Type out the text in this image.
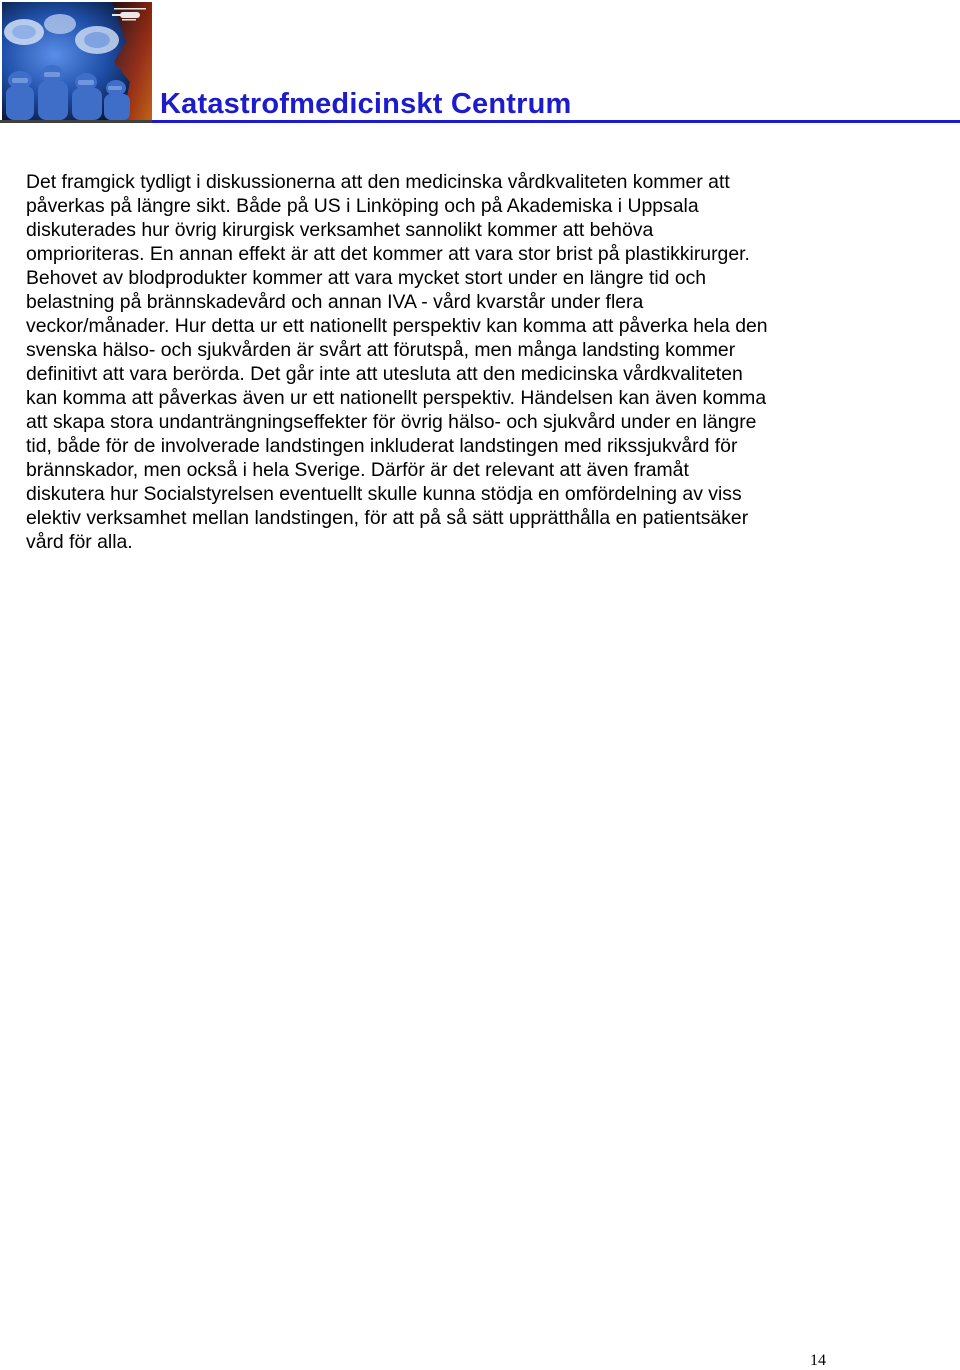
Katastrofmedicinskt Centrum
Det framgick tydligt i diskussionerna att den medicinska vårdkvaliteten kommer att
påverkas på längre sikt. Både på US i Linköping och på Akademiska i Uppsala
diskuterades hur övrig kirurgisk verksamhet sannolikt kommer att behöva
omprioriteras. En annan effekt är att det kommer att vara stor brist på plastikkirurger.
Behovet av blodprodukter kommer att vara mycket stort under en längre tid och
belastning på brännskadevård och annan IVA - vård kvarstår under flera
veckor/månader. Hur detta ur ett nationellt perspektiv kan komma att påverka hela den
svenska hälso- och sjukvården är svårt att förutspå, men många landsting kommer
definitivt att vara berörda. Det går inte att utesluta att den medicinska vårdkvaliteten
kan komma att påverkas även ur ett nationellt perspektiv. Händelsen kan även komma
att skapa stora undanträngningseffekter för övrig hälso- och sjukvård under en längre
tid, både för de involverade landstingen inkluderat landstingen med rikssjukvård för
brännskador, men också i hela Sverige. Därför är det relevant att även framåt
diskutera hur Socialstyrelsen eventuellt skulle kunna stödja en omfördelning av viss
elektiv verksamhet mellan landstingen, för att på så sätt upprätthålla en patientsäker
vård för alla.
14
